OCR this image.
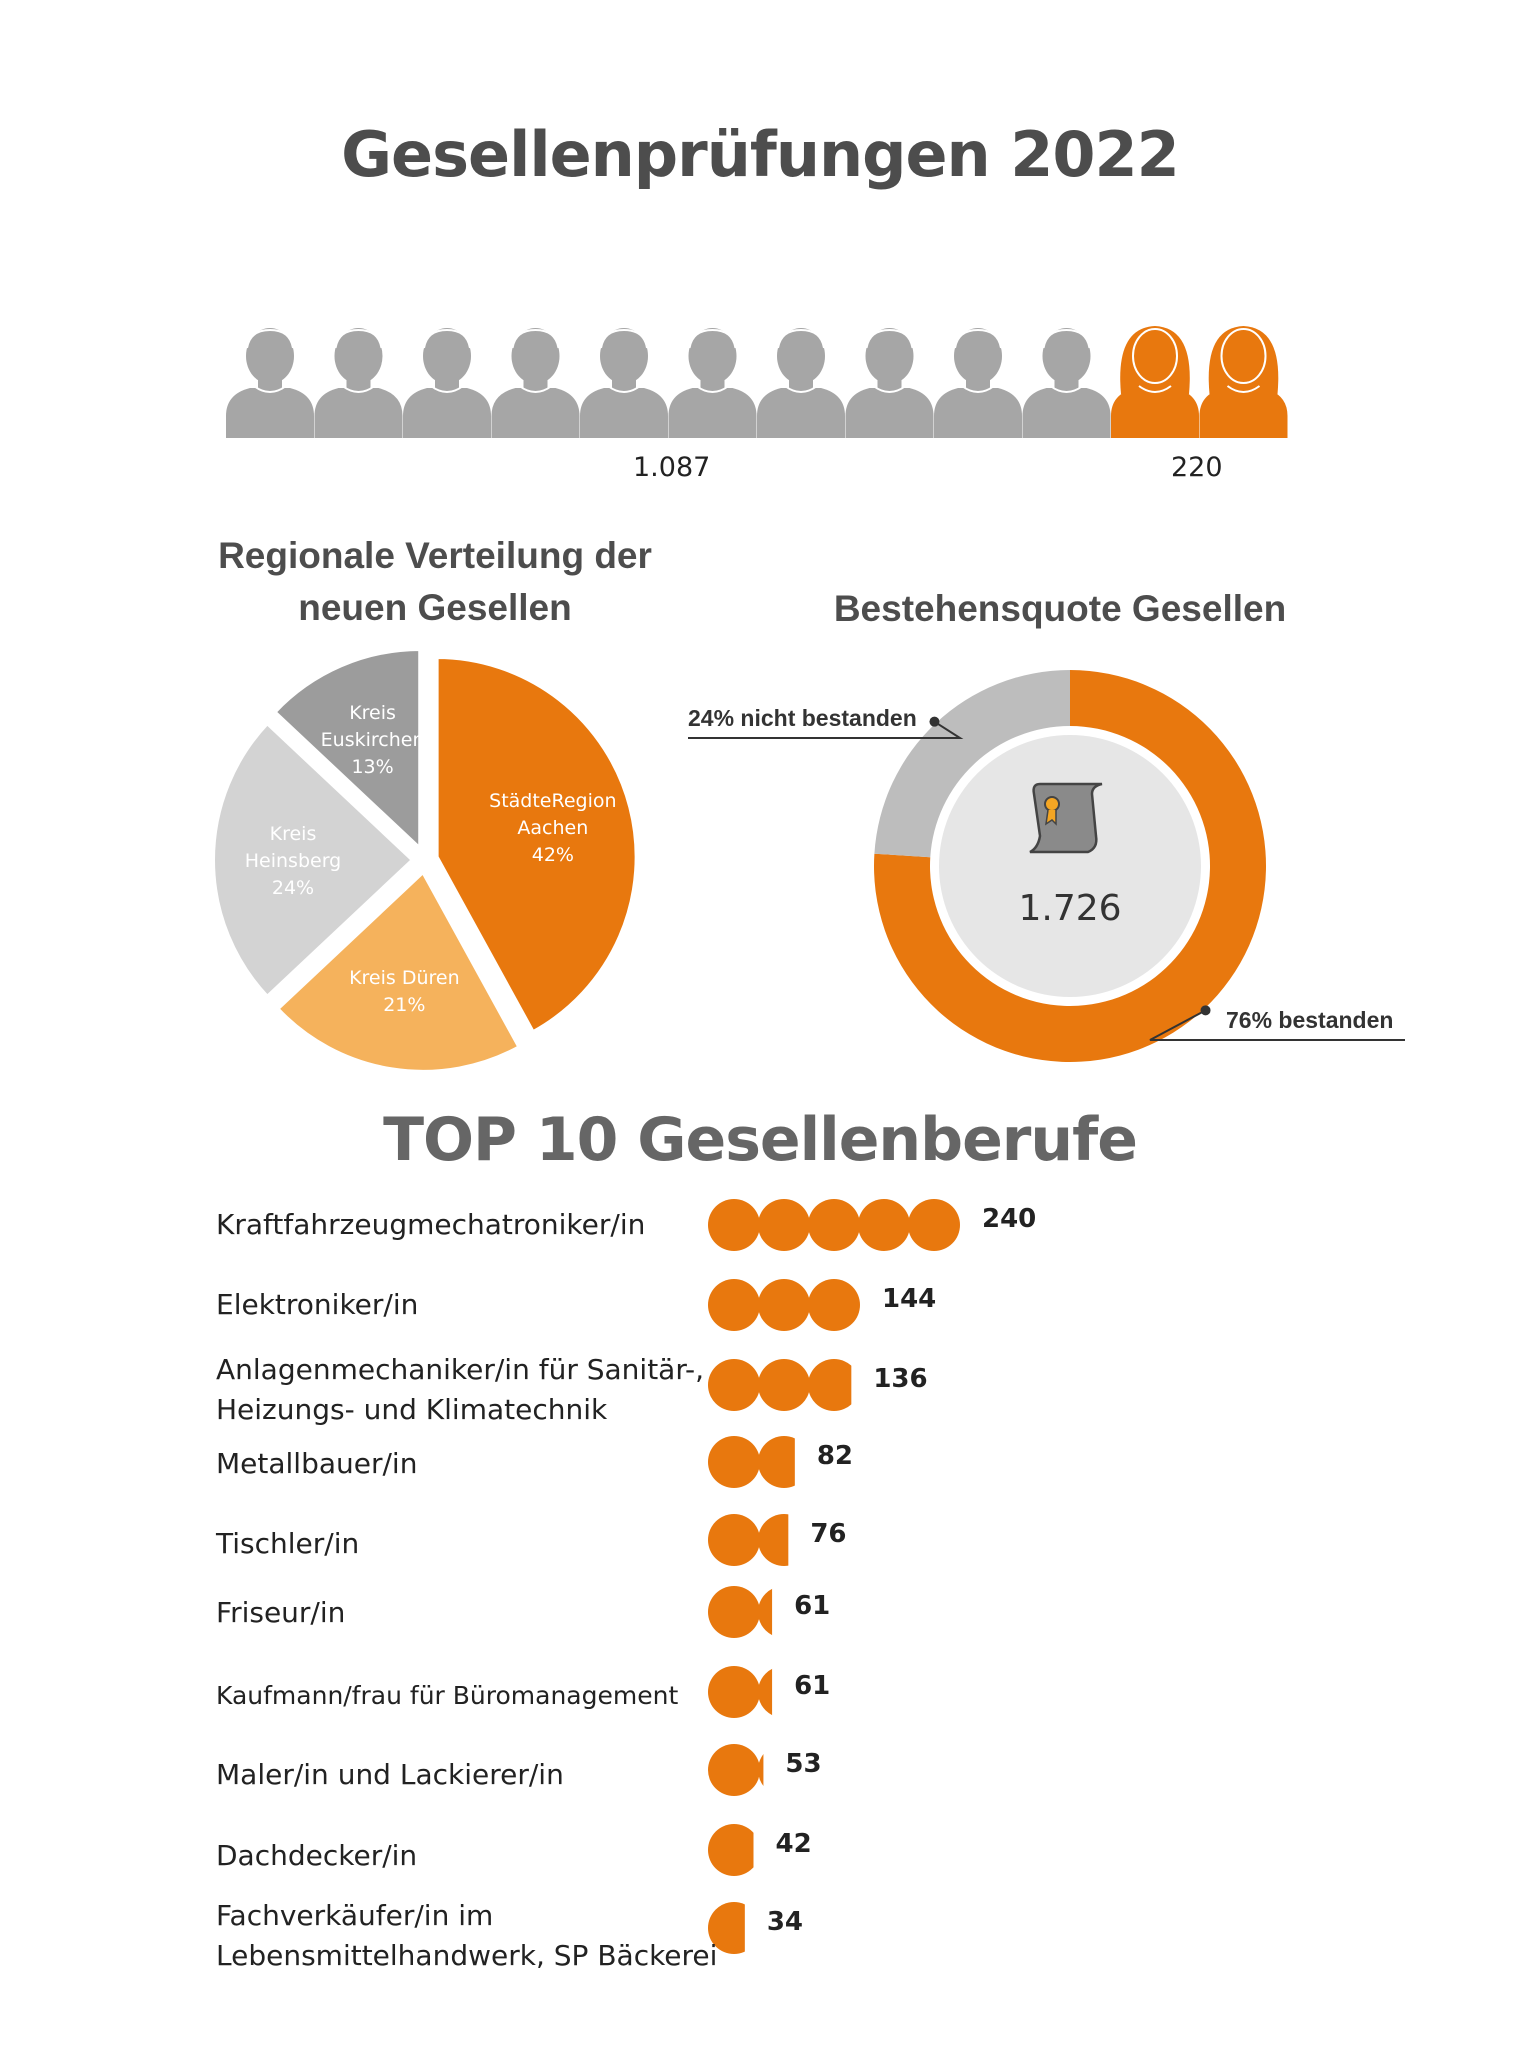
Gesellenprüfungen 2022
1.087	220
Regionale Verteilung der neuen Gesellen	Bestehensquote Gesellen
StädteRegion Aachen 42%
Kreis Düren 21%
Kreis Heinsberg 24%
Kreis Euskirchen 13%
1.726
76% bestanden
24% nicht bestanden
TOP 10 Gesellenberufe
240
144
136
82
76
61
61
53
42
34
Kraftfahrzeugmechatroniker/in
Elektroniker/in
Anlagenmechaniker/in für Sanitär-,
Heizungs- und Klimatechnik
Metallbauer/in
Tischler/in
Friseur/in
Kaufmann/frau für Büromanagement
Maler/in und Lackierer/in
Dachdecker/in
Fachverkäufer/in im
Lebensmittelhandwerk, SP Bäckerei
